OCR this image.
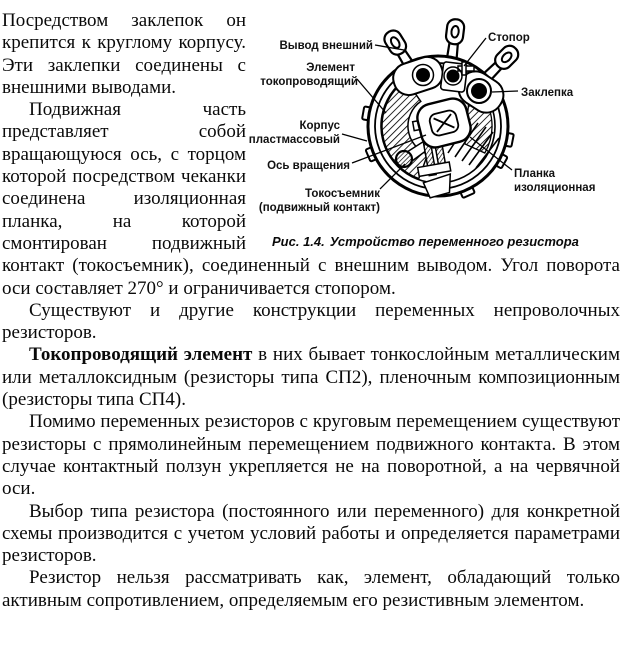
Вывод внешний
Стопор
Элемент
токопроводящий
Заклепка
Корпус
пластмассовый
Ось вращения
Планка
изоляционная
Токосъемник
(подвижный контакт)
Рис. 1.4. Устройство переменного резистора

Посредством заклепок он крепится к круглому корпусу. Эти заклепки соединены с внешними выводами.

Подвижная часть представляет собой вращающуюся ось, с торцом которой посредством чеканки соединена изоляционная планка, на которой смонтирован подвижный контакт (токосъемник), соединенный с внешним выводом. Угол поворота оси составляет 270° и ограничивается стопором.

Существуют и другие конструкции переменных непроволочных резисторов.

Токопроводящий элемент в них бывает тонкослойным металлическим или металлоксидным (резисторы типа СП2), пленочным композиционным (резисторы типа СП4).

Помимо переменных резисторов с круговым перемещением существуют резисторы с прямолинейным перемещением подвижного контакта. В этом случае контактный ползун укрепляется не на поворотной, а на червячной оси.

Выбор типа резистора (постоянного или переменного) для конкретной схемы производится с учетом условий работы и определяется параметрами резисторов.

Резистор нельзя рассматривать как, элемент, обладающий только активным сопротивлением, определяемым его резистивным элементом.
